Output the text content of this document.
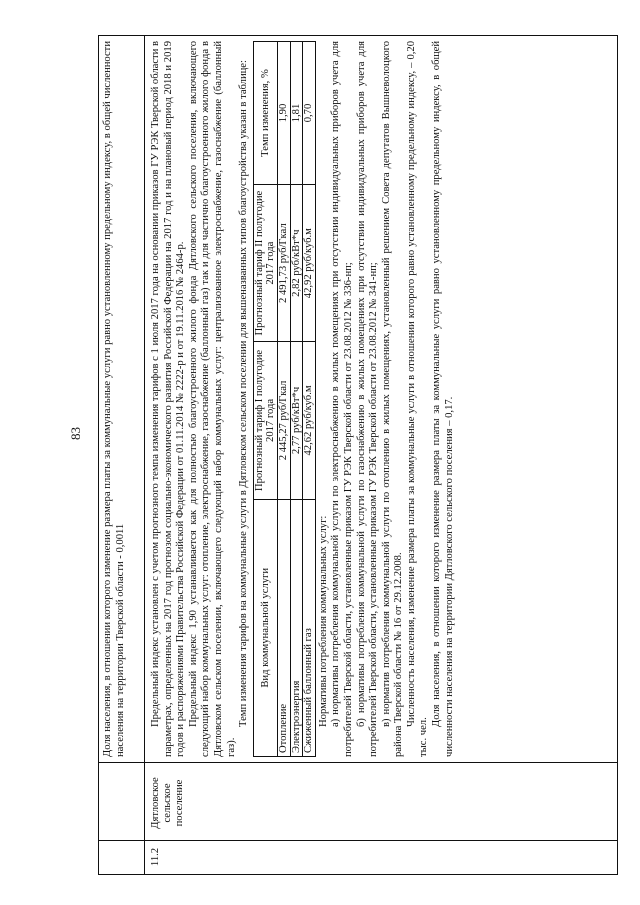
83 Доля населения, в отношении которого изменение размера платы за коммунальные услуги равно установленному предельному индексу, в общей численности населения на территории Тверской области - 0,0011
11.2
Дятловское сельское поселение

Предельный индекс установлен с учетом прогнозного темпа изменения тарифов с 1 июля 2017 года на основании приказов ГУ РЭК Тверской области в параметрах, определенных на 2017 год прогнозом социально-экономического развития Российской Федерации на 2017 год и на плановый период 2018 и 2019 годов и распоряжениями Правительства Российской Федерации от 01.11.2014 № 2222-р и от 19.11.2016 № 2464-р. Предельный индекс 1,90 устанавливается как для полностью благоустроенного жилого фонда Дятловского сельского поселения, включающего следующий набор коммунальных услуг: отопление, электроснабжение, газоснабжение (баллонный газ) так и для частично благоустроенного жилого фонда в Дятловском сельском поселении, включающего следующий набор коммунальных услуг: централизованное электроснабжение, газоснабжение (баллонный газ).

Темп изменения тарифов на коммунальные услуги в Дятловском сельском поселении для вышеназванных типов благоустройства указан в таблице: Вид коммунальной услуги	Прогнозный тариф I полугодие 2017 года	Прогнозный тариф II полугодие 2017 года	Темп изменения, %
Отопление	2 445,27 руб/Гкал	2 491,73 руб/Гкал	1,90
Электроэнергия	2,77 руб/кВт*ч	2,82 руб/кВт*ч	1,81
Сжиженный баллонный газ	42,62 руб/куб.м	42,92 руб/куб.м	0,70

Нормативы потребления коммунальных услуг: а) нормативы потребления коммунальной услуги по электроснабжению в жилых помещениях при отсутствии индивидуальных приборов учета для потребителей Тверской области, установленные приказом ГУ РЭК Тверской области от 23.08.2012 № 336-нп; б) нормативы потребления коммунальной услуги по газоснабжению в жилых помещениях при отсутствии индивидуальных приборов учета для потребителей Тверской области, установленные приказом ГУ РЭК Тверской области от 23.08.2012 № 341-нп; в) норматив потребления коммунальной услуги по отоплению в жилых помещениях, установленный решением Совета депутатов Вышневолоцкого района Тверской области № 16 от 29.12.2008. Численность населения, изменение размера платы за коммунальные услуги в отношении которого равно установленному предельному индексу, – 0,20 тыс. чел.

Доля населения, в отношении которого изменение размера платы за коммунальные услуги равно установленному предельному индексу, в общей численности населения на территории Дятловского сельского поселения – 0,17.
